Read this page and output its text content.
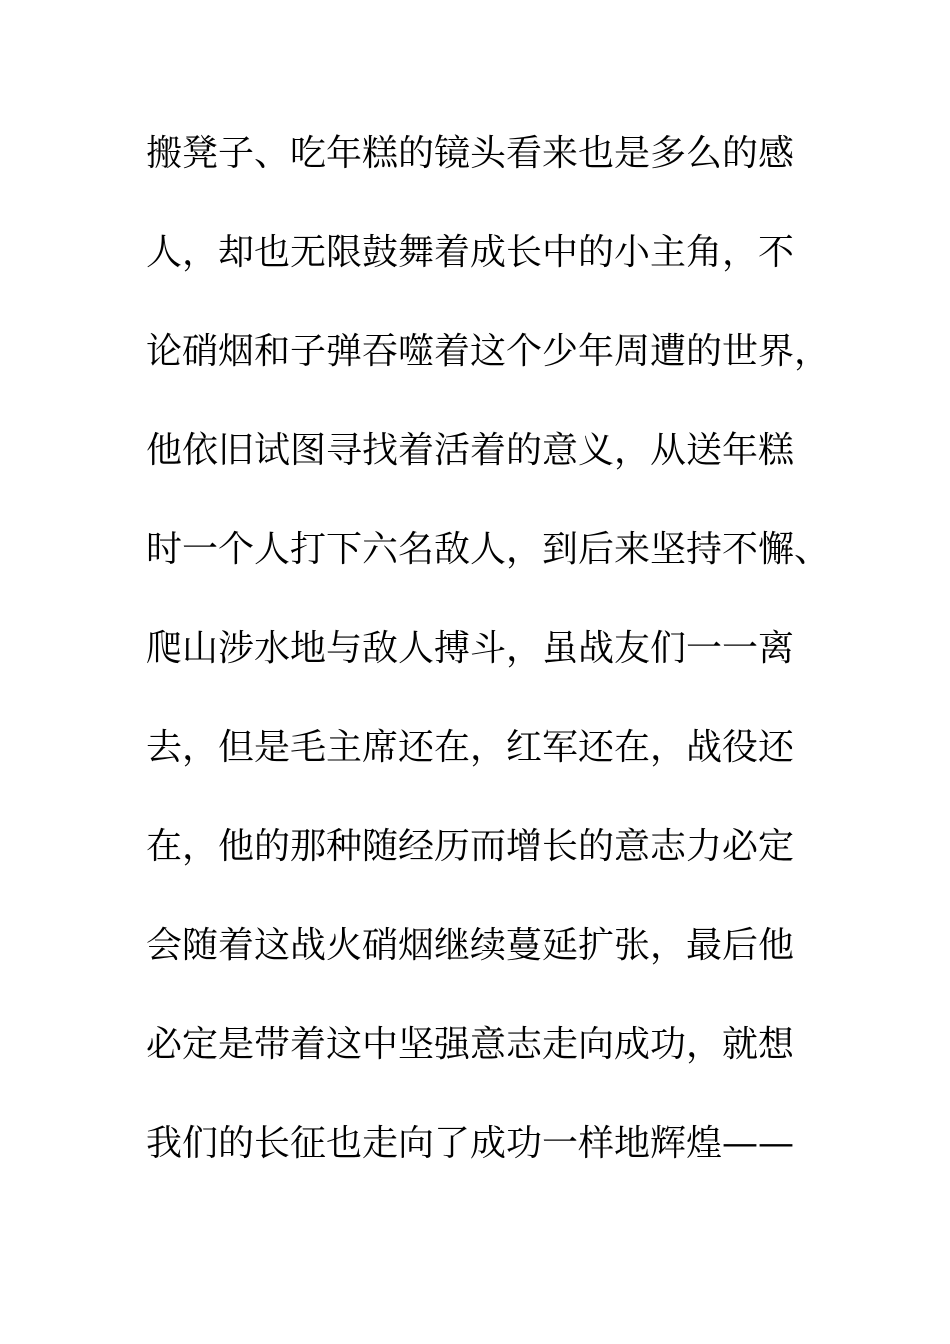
搬凳子、吃年糕的镜头看来也是多么的感
人，却也无限鼓舞着成长中的小主角，不
论硝烟和子弹吞噬着这个少年周遭的世界，
他依旧试图寻找着活着的意义，从送年糕
时一个人打下六名敌人，到后来坚持不懈、
爬山涉水地与敌人搏斗，虽战友们一一离
去，但是毛主席还在，红军还在，战役还
在，他的那种随经历而增长的意志力必定
会随着这战火硝烟继续蔓延扩张，最后他
必定是带着这中坚强意志走向成功，就想
我们的长征也走向了成功一样地辉煌——
